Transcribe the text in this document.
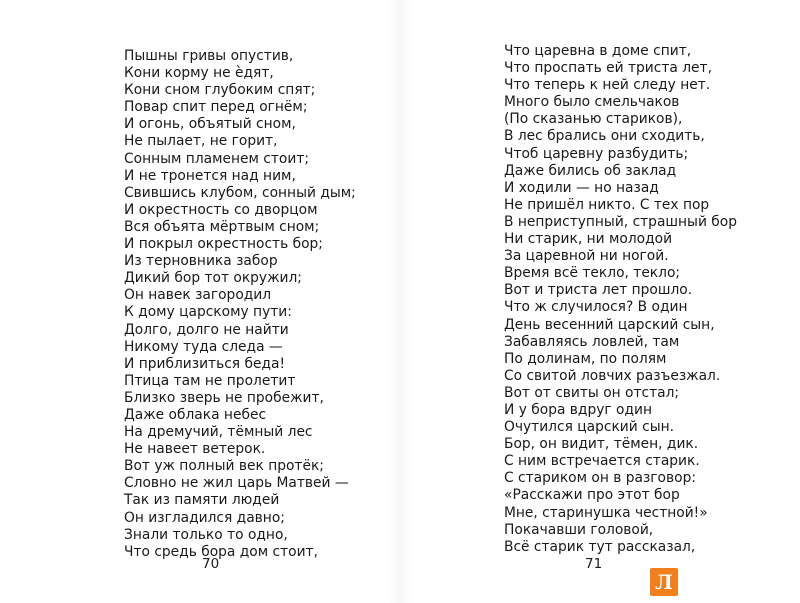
Пышны гривы опустив,
Кони корму не ѐдят,
Кони сном глубоким спят;
Повар спит перед огнём;
И огонь, объятый сном,
Не пылает, не горит,
Сонным пламенем стоит;
И не тронется над ним,
Свившись клубом, сонный дым;
И окрестность со дворцом
Вся объята мёртвым сном;
И покрыл окрестность бор;
Из терновника забор
Дикий бор тот окружил;
Он навек загородил
К дому царскому пути:
Долго, долго не найти
Никому туда следа —
И приблизиться беда!
Птица там не пролетит
Близко зверь не пробежит,
Даже облака небес
На дремучий, тёмный лес
Не навеет ветерок.
Вот уж полный век протёк;
Словно не жил царь Матвей —
Так из памяти людей
Он изгладился давно;
Знали только то одно,
Что средь бора дом стоит,
70
Что царевна в доме спит,
Что проспать ей триста лет,
Что теперь к ней следу нет.
Много было смельчаков
(По сказанью стариков),
В лес брались они сходить,
Чтоб царевну разбудить;
Даже бились об заклад
И ходили — но назад
Не пришёл никто. С тех пор
В неприступный, страшный бор
Ни старик, ни молодой
За царевной ни ногой.
Время всё текло, текло;
Вот и триста лет прошло.
Что ж случилося? В один
День весенний царский сын,
Забавляясь ловлей, там
По долинам, по полям
Со свитой ловчих разъезжал.
Вот от свиты он отстал;
И у бора вдруг один
Очутился царский сын.
Бор, он видит, тёмен, дик.
С ним встречается старик.
С стариком он в разговор:
«Расскажи про этот бор
Мне, старинушка честной!»
Покачавши головой,
Всё старик тут рассказал,
71
Л
